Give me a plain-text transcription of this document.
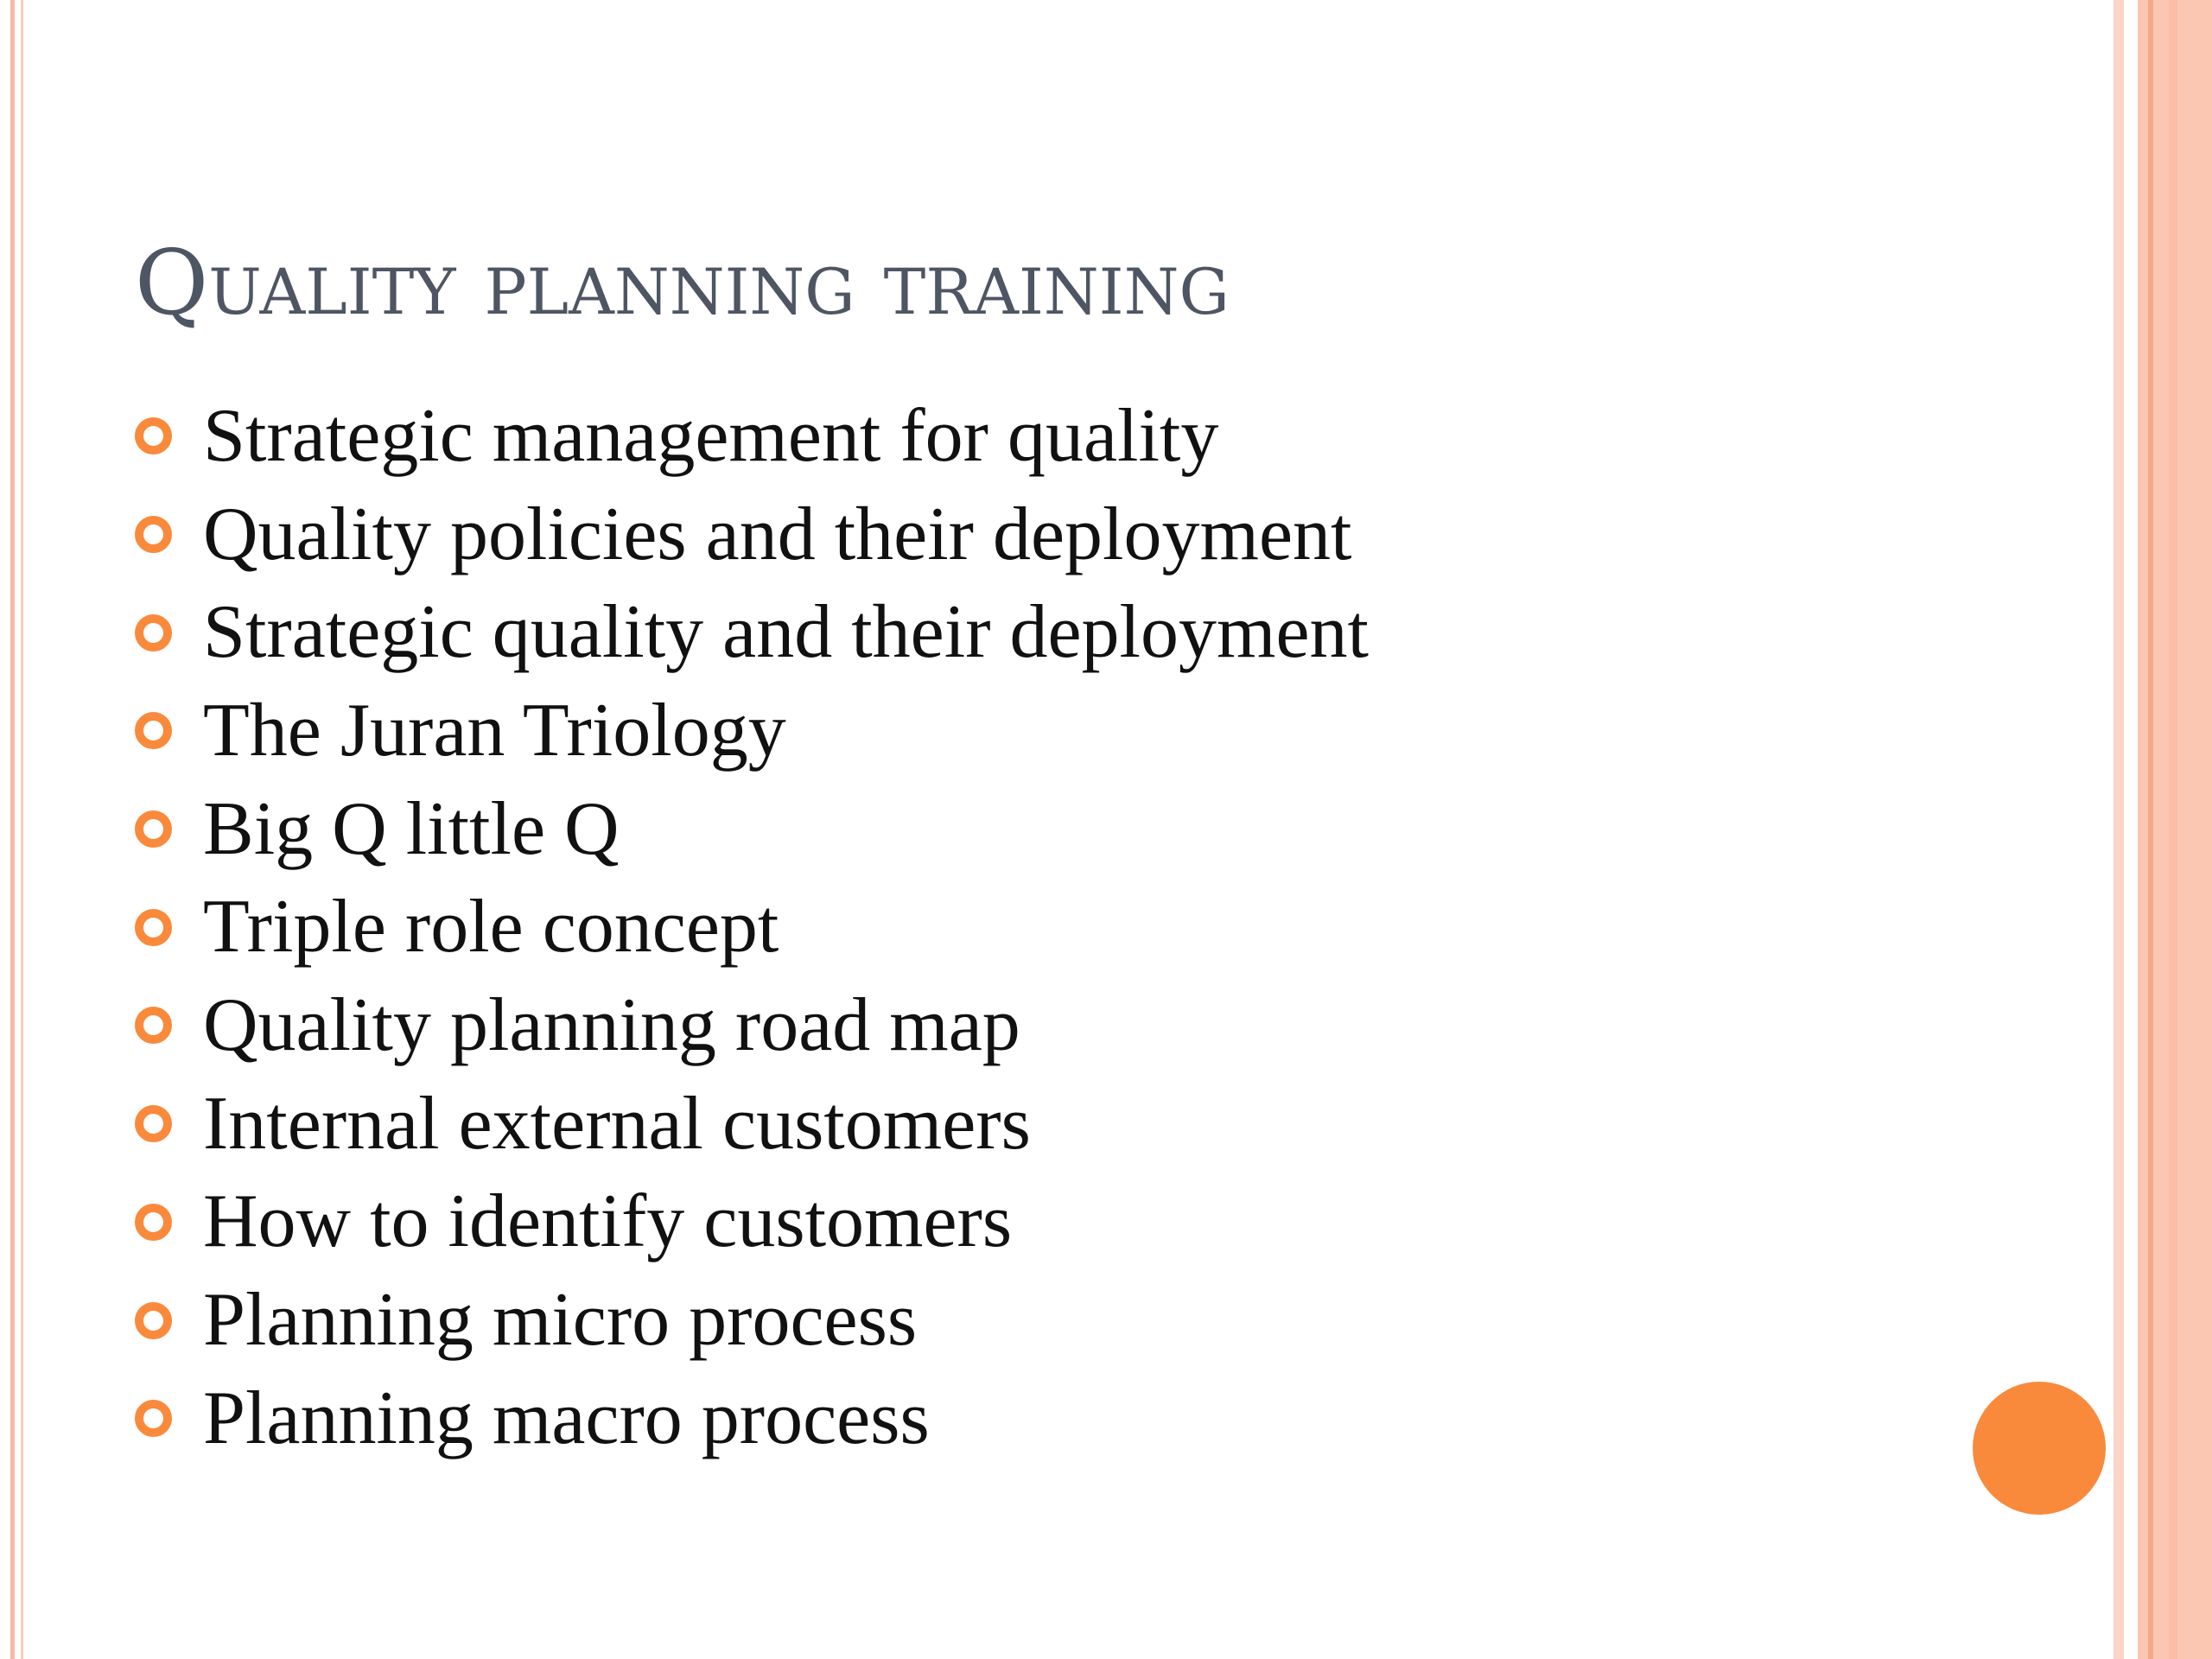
Quality planning training
Strategic management for quality
Quality policies and their deployment
Strategic quality and their deployment
The Juran Triology
Big Q little Q
Triple role concept
Quality planning road map
Internal external customers
How to identify customers
Planning micro process
Planning macro process
